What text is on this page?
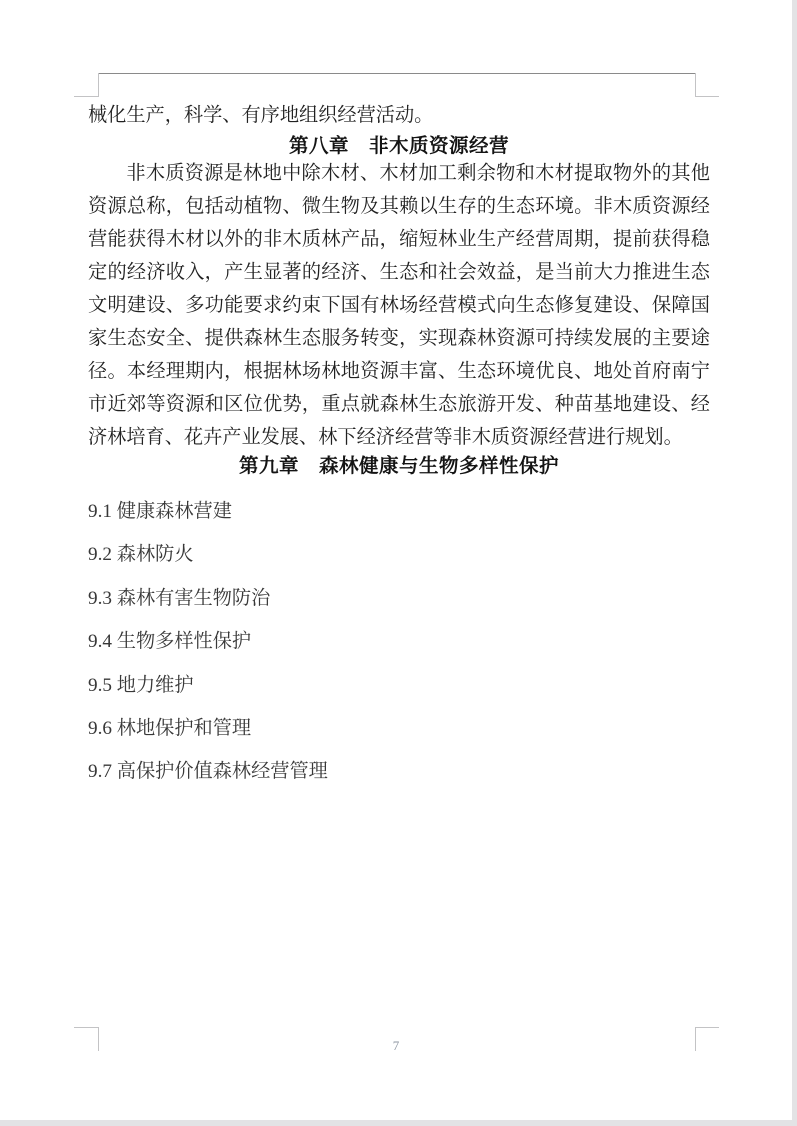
械化生产，科学、有序地组织经营活动。
第八章　非木质资源经营
非木质资源是林地中除木材、木材加工剩余物和木材提取物外的其他
资源总称，包括动植物、微生物及其赖以生存的生态环境。非木质资源经
营能获得木材以外的非木质林产品，缩短林业生产经营周期，提前获得稳
定的经济收入，产生显著的经济、生态和社会效益，是当前大力推进生态
文明建设、多功能要求约束下国有林场经营模式向生态修复建设、保障国
家生态安全、提供森林生态服务转变，实现森林资源可持续发展的主要途
径。本经理期内，根据林场林地资源丰富、生态环境优良、地处首府南宁
市近郊等资源和区位优势，重点就森林生态旅游开发、种苗基地建设、经
济林培育、花卉产业发展、林下经济经营等非木质资源经营进行规划。
第九章　森林健康与生物多样性保护
9.1 健康森林营建
9.2 森林防火
9.3 森林有害生物防治
9.4 生物多样性保护
9.5 地力维护
9.6 林地保护和管理
9.7 高保护价值森林经营管理
7
